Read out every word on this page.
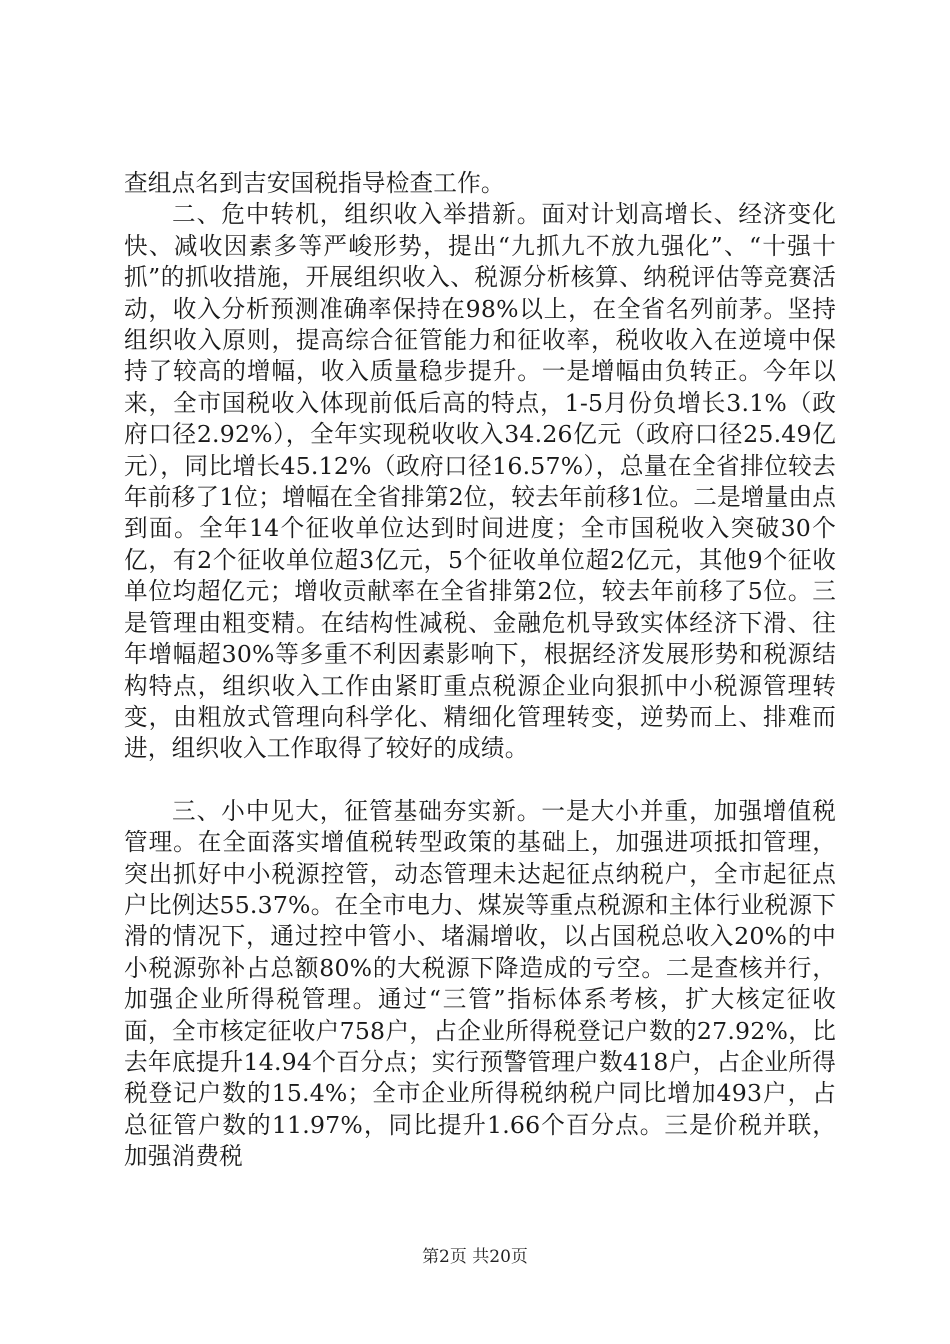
查组点名到吉安国税指导检查工作。

二、危中转机，组织收入举措新。面对计划高增长、经济变化快、减收因素多等严峻形势，提出“九抓九不放九强化”、“十强十抓”的抓收措施，开展组织收入、税源分析核算、纳税评估等竞赛活动，收入分析预测准确率保持在98%以上，在全省名列前茅。坚持组织收入原则，提高综合征管能力和征收率，税收收入在逆境中保持了较高的增幅，收入质量稳步提升。一是增幅由负转正。今年以来，全市国税收入体现前低后高的特点，1-5月份负增长3.1%（政府口径2.92%），全年实现税收收入34.26亿元（政府口径25.49亿元），同比增长45.12%（政府口径16.57%），总量在全省排位较去年前移了1位；增幅在全省排第2位，较去年前移1位。二是增量由点到面。全年14个征收单位达到时间进度；全市国税收入突破30个亿，有2个征收单位超3亿元，5个征收单位超2亿元，其他9个征收单位均超亿元；增收贡献率在全省排第2位，较去年前移了5位。三是管理由粗变精。在结构性减税、金融危机导致实体经济下滑、往年增幅超30%等多重不利因素影响下，根据经济发展形势和税源结构特点，组织收入工作由紧盯重点税源企业向狠抓中小税源管理转变，由粗放式管理向科学化、精细化管理转变，逆势而上、排难而进，组织收入工作取得了较好的成绩。

三、小中见大，征管基础夯实新。一是大小并重，加强增值税管理。在全面落实增值税转型政策的基础上，加强进项抵扣管理，突出抓好中小税源控管，动态管理未达起征点纳税户，全市起征点户比例达55.37%。在全市电力、煤炭等重点税源和主体行业税源下滑的情况下，通过控中管小、堵漏增收，以占国税总收入20%的中小税源弥补占总额80%的大税源下降造成的亏空。二是查核并行，加强企业所得税管理。通过“三管”指标体系考核，扩大核定征收面，全市核定征收户758户，占企业所得税登记户数的27.92%，比去年底提升14.94个百分点；实行预警管理户数418户，占企业所得税登记户数的15.4%；全市企业所得税纳税户同比增加493户，占总征管户数的11.97%，同比提升1.66个百分点。三是价税并联，加强消费税

第2页 共20页
